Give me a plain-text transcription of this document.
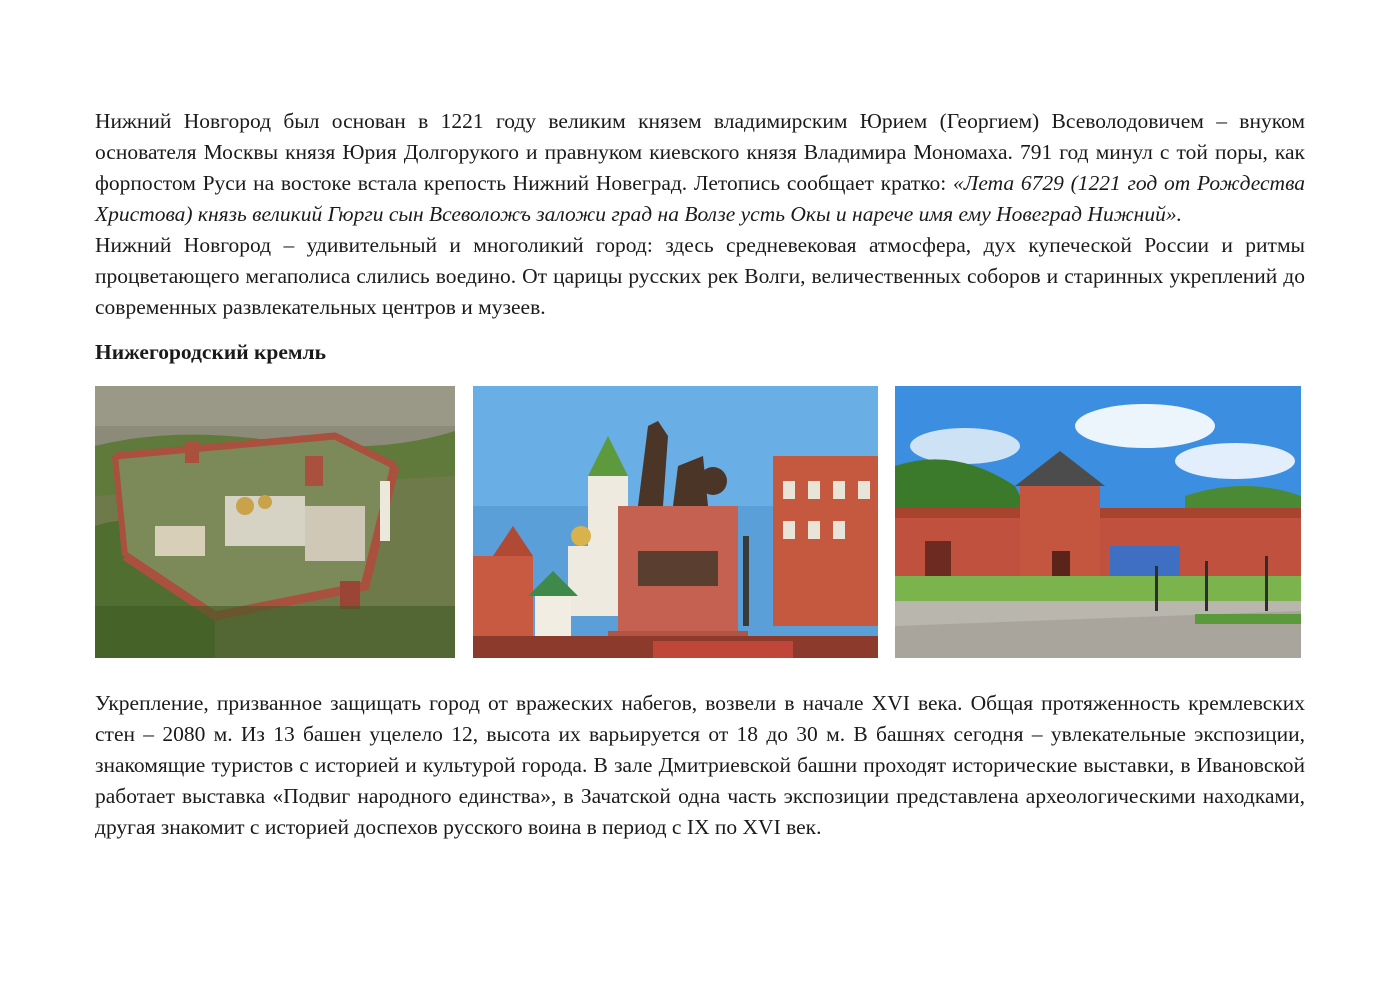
Нижний Новгород был основан в 1221 году великим князем владимирским Юрием (Георгием) Всеволодовичем – внуком основателя Москвы князя Юрия Долгорукого и правнуком киевского князя Владимира Мономаха. 791 год минул с той поры, как форпостом Руси на востоке встала крепость Нижний Новеград. Летопись сообщает кратко: «Лета 6729 (1221 год от Рождества Христова) князь великий Гюрги сын Всеволожъ заложи град на Волзе усть Окы и нарече имя ему Новеград Нижний».

Нижний Новгород – удивительный и многоликий город: здесь средневековая атмосфера, дух купеческой России и ритмы процветающего мегаполиса слились воедино. От царицы русских рек Волги, величественных соборов и старинных укреплений до современных развлекательных центров и музеев.

Нижегородский кремль

Укрепление, призванное защищать город от вражеских набегов, возвели в начале XVI века. Общая протяженность кремлевских стен – 2080 м. Из 13 башен уцелело 12, высота их варьируется от 18 до 30 м. В башнях сегодня – увлекательные экспозиции, знакомящие туристов с историей и культурой города. В зале Дмитриевской башни проходят исторические выставки, в Ивановской работает выставка «Подвиг народного единства», в Зачатской одна часть экспозиции представлена археологическими находками, другая знакомит с историей доспехов русского воина в период с IX по XVI век.
